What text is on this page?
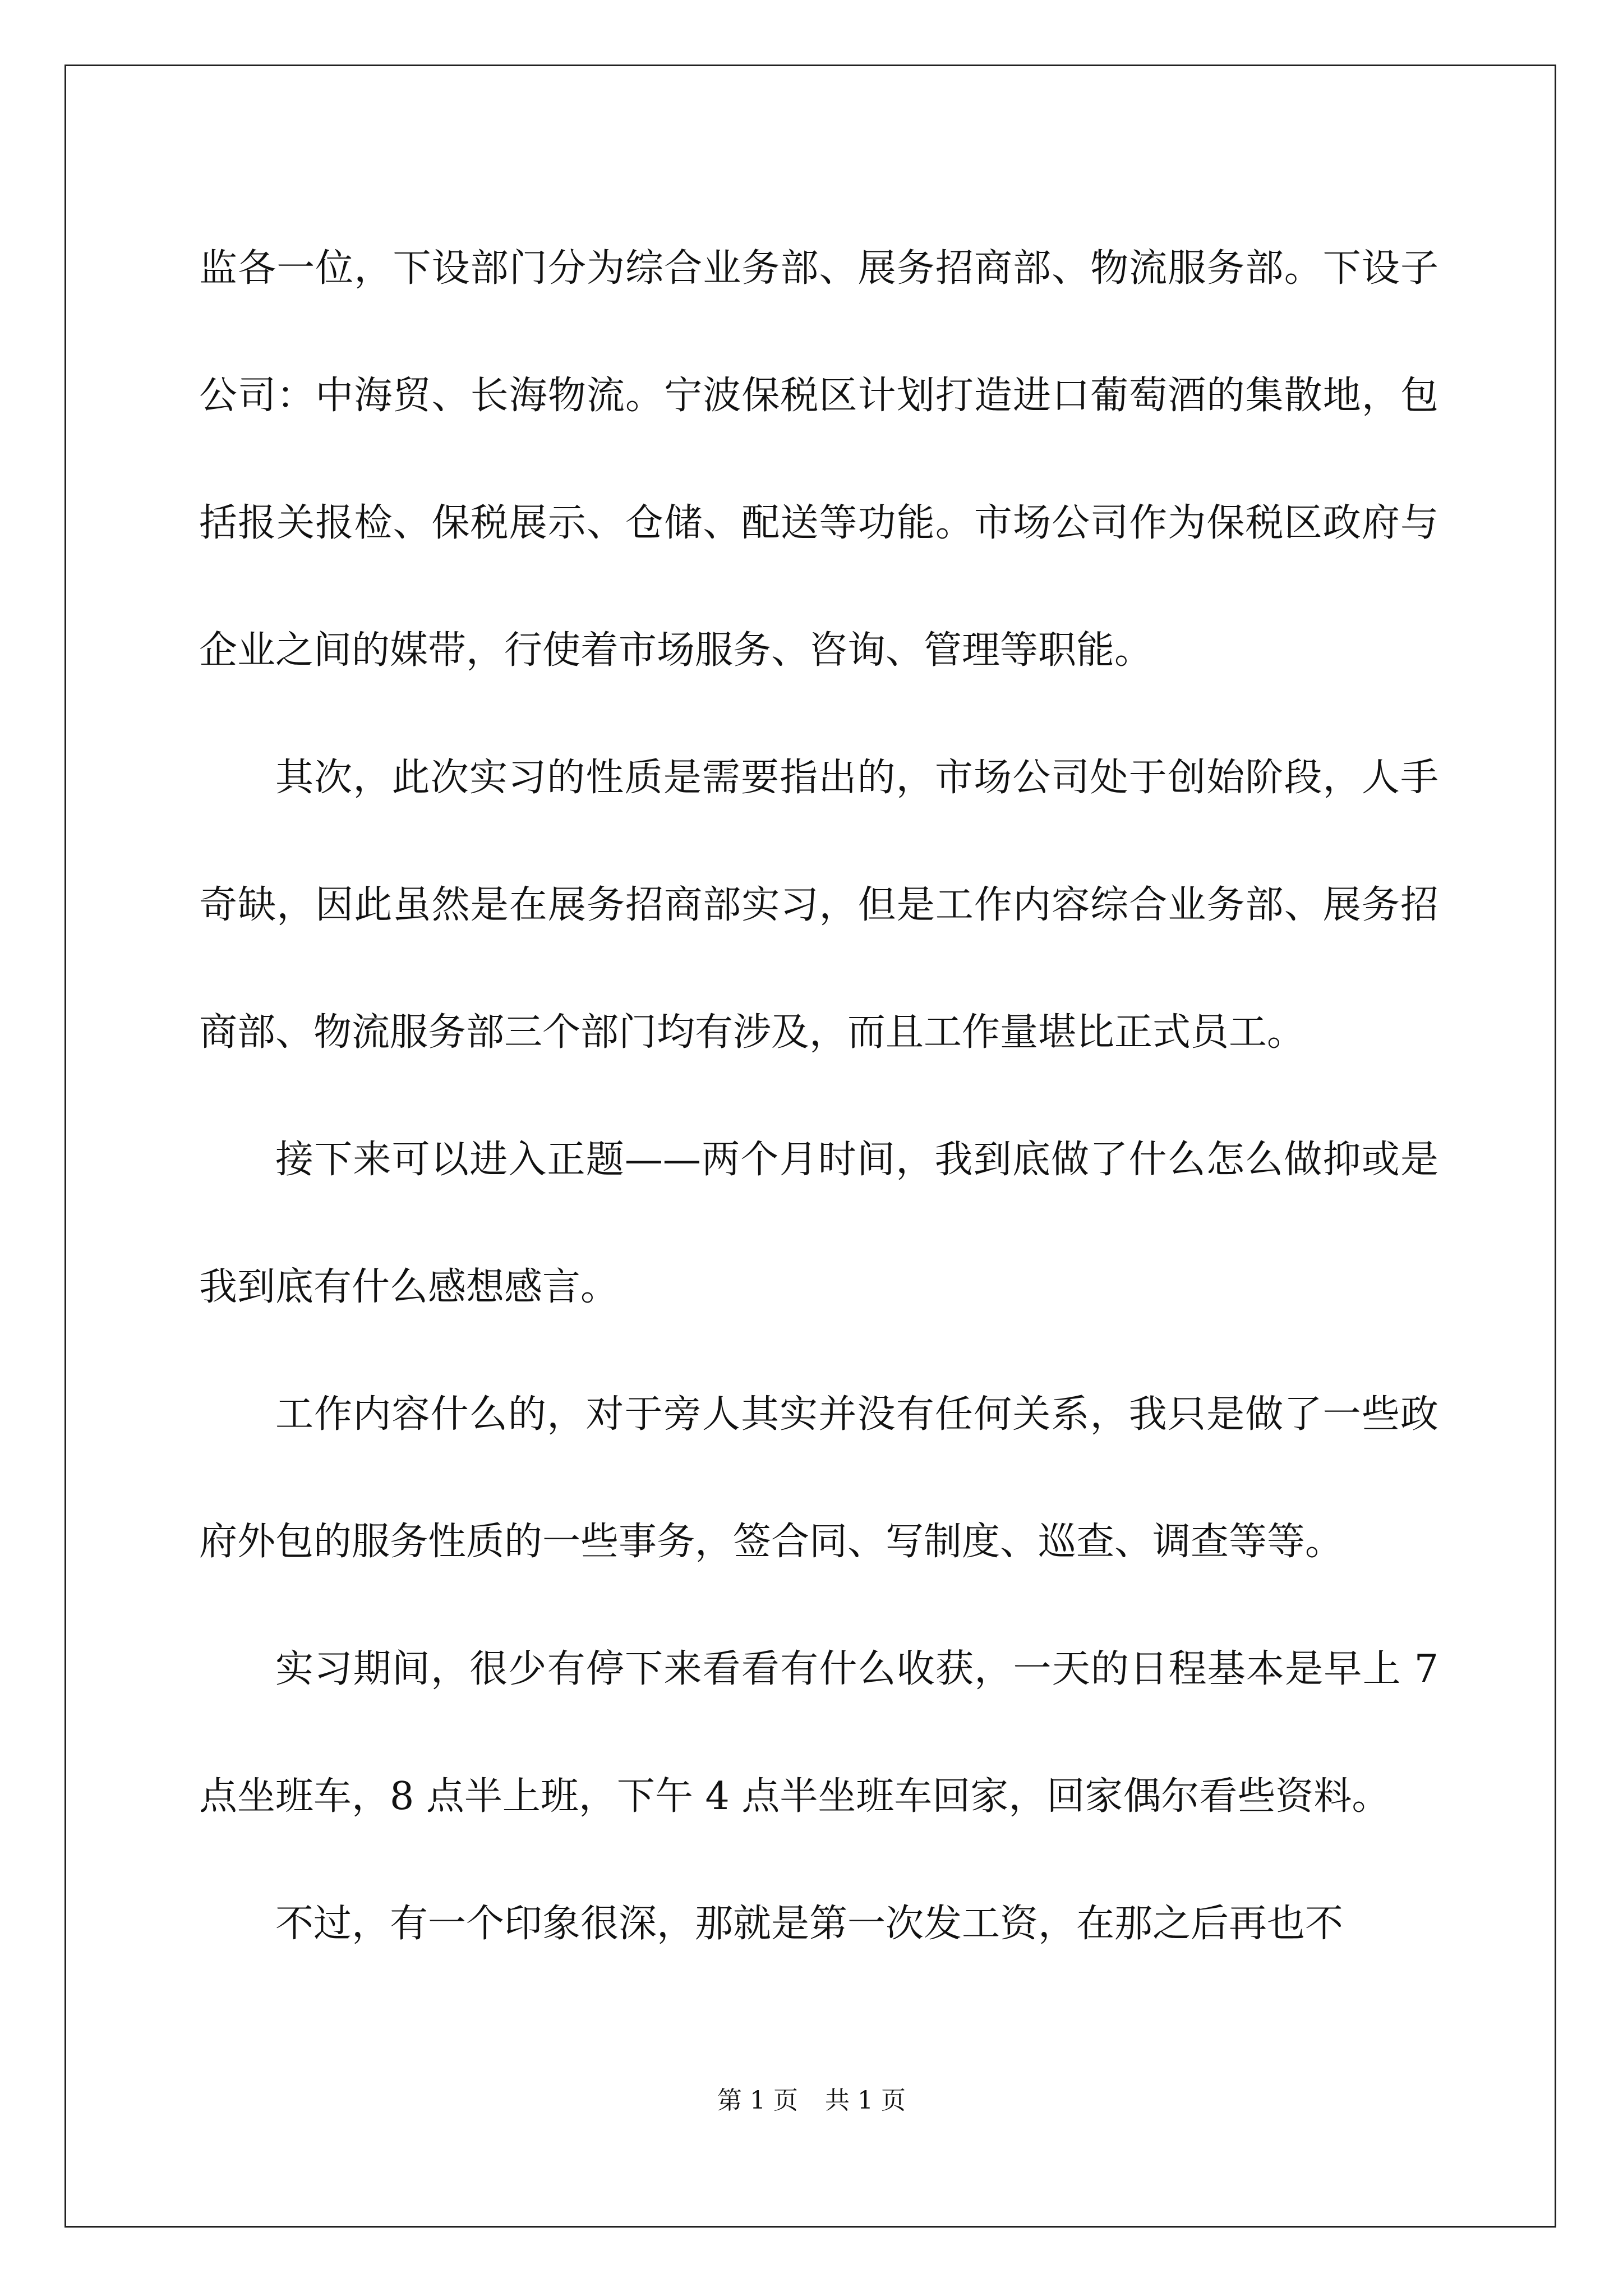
监各一位，下设部门分为综合业务部、展务招商部、物流服务部。下设子公司：中海贸、长海物流。宁波保税区计划打造进口葡萄酒的集散地，包括报关报检、保税展示、仓储、配送等功能。市场公司作为保税区政府与企业之间的媒带，行使着市场服务、咨询、管理等职能。

其次，此次实习的性质是需要指出的，市场公司处于创始阶段，人手奇缺，因此虽然是在展务招商部实习，但是工作内容综合业务部、展务招商部、物流服务部三个部门均有涉及，而且工作量堪比正式员工。

接下来可以进入正题——两个月时间，我到底做了什么怎么做抑或是我到底有什么感想感言。

工作内容什么的，对于旁人其实并没有任何关系，我只是做了一些政府外包的服务性质的一些事务，签合同、写制度、巡查、调查等等。

实习期间，很少有停下来看看有什么收获，一天的日程基本是早上 7 点坐班车，8 点半上班，下午 4 点半坐班车回家，回家偶尔看些资料。

不过，有一个印象很深，那就是第一次发工资，在那之后再也不

第 1 页 共 1 页
